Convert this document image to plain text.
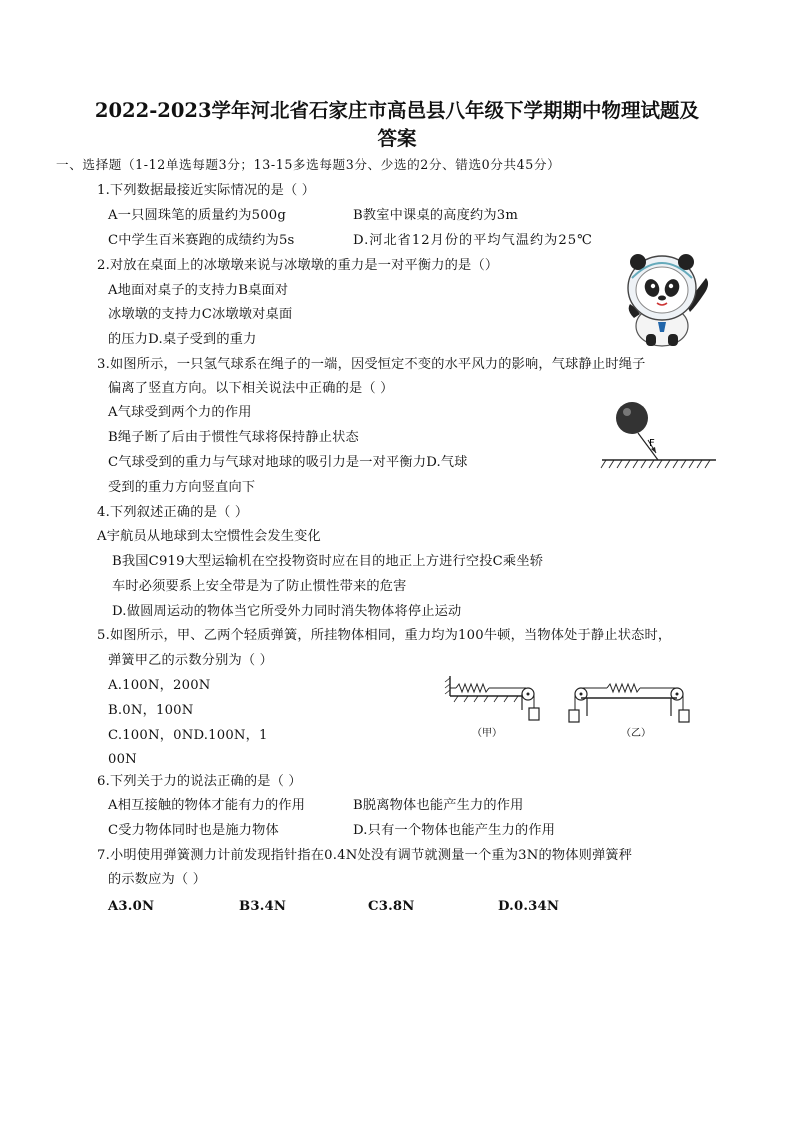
2022-2023学年河北省石家庄市高邑县八年级下学期期中物理试题及
答案
一、选择题（1-12单选每题3分；13-15多选每题3分、少选的2分、错选0分共45分）
1.下列数据最接近实际情况的是（ ）
A一只圆珠笔的质量约为500g	B教室中课桌的高度约为3m
C中学生百米赛跑的成绩约为5s	D.河北省12月份的平均气温约为25℃
2.对放在桌面上的冰墩墩来说与冰墩墩的重力是一对平衡力的是（）
A地面对桌子的支持力B桌面对
冰墩墩的支持力C冰墩墩对桌面
的压力D.桌子受到的重力
3.如图所示，一只氢气球系在绳子的一端，因受恒定不变的水平风力的影响，气球静止时绳子
偏离了竖直方向。以下相关说法中正确的是（ ）
A气球受到两个力的作用
B绳子断了后由于惯性气球将保持静止状态
C气球受到的重力与气球对地球的吸引力是一对平衡力D.气球
受到的重力方向竖直向下
F
4.下列叙述正确的是（ ）
A宇航员从地球到太空惯性会发生变化
B我国C919大型运输机在空投物资时应在目的地正上方进行空投C乘坐轿
车时必须要系上安全带是为了防止惯性带来的危害
D.做圆周运动的物体当它所受外力同时消失物体将停止运动
5.如图所示，甲、乙两个轻质弹簧，所挂物体相同，重力均为100牛顿，当物体处于静止状态时，
弹簧甲乙的示数分别为（ ）
A.100N，200N
B.0N，100N
C.100N，0ND.100N，1
00N
（甲）	（乙）
6.下列关于力的说法正确的是（ ）
A相互接触的物体才能有力的作用	B脱离物体也能产生力的作用
C受力物体同时也是施力物体	D.只有一个物体也能产生力的作用
7.小明使用弹簧测力计前发现指针指在0.4N处没有调节就测量一个重为3N的物体则弹簧秤
的示数应为（ ）
A3.0N	B3.4N	C3.8N	D.0.34N
